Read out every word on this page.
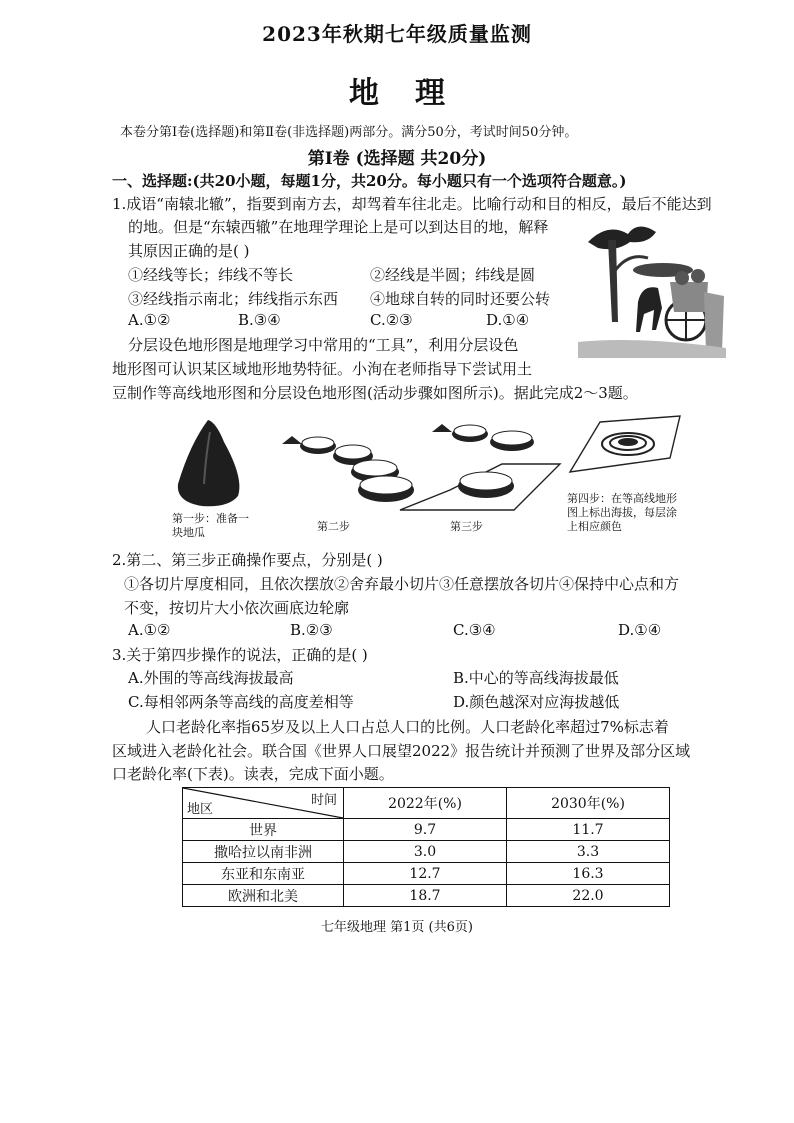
2023年秋期七年级质量监测
地理
本卷分第Ⅰ卷(选择题)和第Ⅱ卷(非选择题)两部分。满分50分，考试时间50分钟。
第Ⅰ卷 (选择题 共20分)
一、选择题:(共20小题，每题1分，共20分。每小题只有一个选项符合题意。)
1.成语“南辕北辙”，指要到南方去，却驾着车往北走。比喻行动和目的相反，最后不能达到
的地。但是“东辕西辙”在地理学理论上是可以到达目的地，解释
其原因正确的是( )
①经线等长；纬线不等长	②经线是半圆；纬线是圆
③经线指示南北；纬线指示东西 ④地球自转的同时还要公转
A.①②	B.③④	C.②③	D.①④
分层设色地形图是地理学习中常用的“工具”，利用分层设色
地形图可认识某区域地形地势特征。小洵在老师指导下尝试用土
豆制作等高线地形图和分层设色地形图(活动步骤如图所示)。据此完成2～3题。
第一步：准备一块地瓜	第二步	第三步
第四步：在等高线地形图上标出海拔，每层涂上相应颜色
2.第二、第三步正确操作要点，分别是( )
①各切片厚度相同，且依次摆放②舍弃最小切片③任意摆放各切片④保持中心点和方
不变，按切片大小依次画底边轮廓
A.①②	B.②③	C.③④	D.①④
3.关于第四步操作的说法，正确的是( )
A.外围的等高线海拔最高	B.中心的等高线海拔最低
C.每相邻两条等高线的高度差相等	D.颜色越深对应海拔越低
人口老龄化率指65岁及以上人口占总人口的比例。人口老龄化率超过7%标志着
区域进入老龄化社会。联合国《世界人口展望2022》报告统计并预测了世界及部分区域
口老龄化率(下表)。读表，完成下面小题。
时间
地区	2022年(%)	2030年(%)
世界	9.7	11.7
撒哈拉以南非洲	3.0	3.3
东亚和东南亚	12.7	16.3
欧洲和北美	18.7	22.0
七年级地理 第1页 (共6页)
